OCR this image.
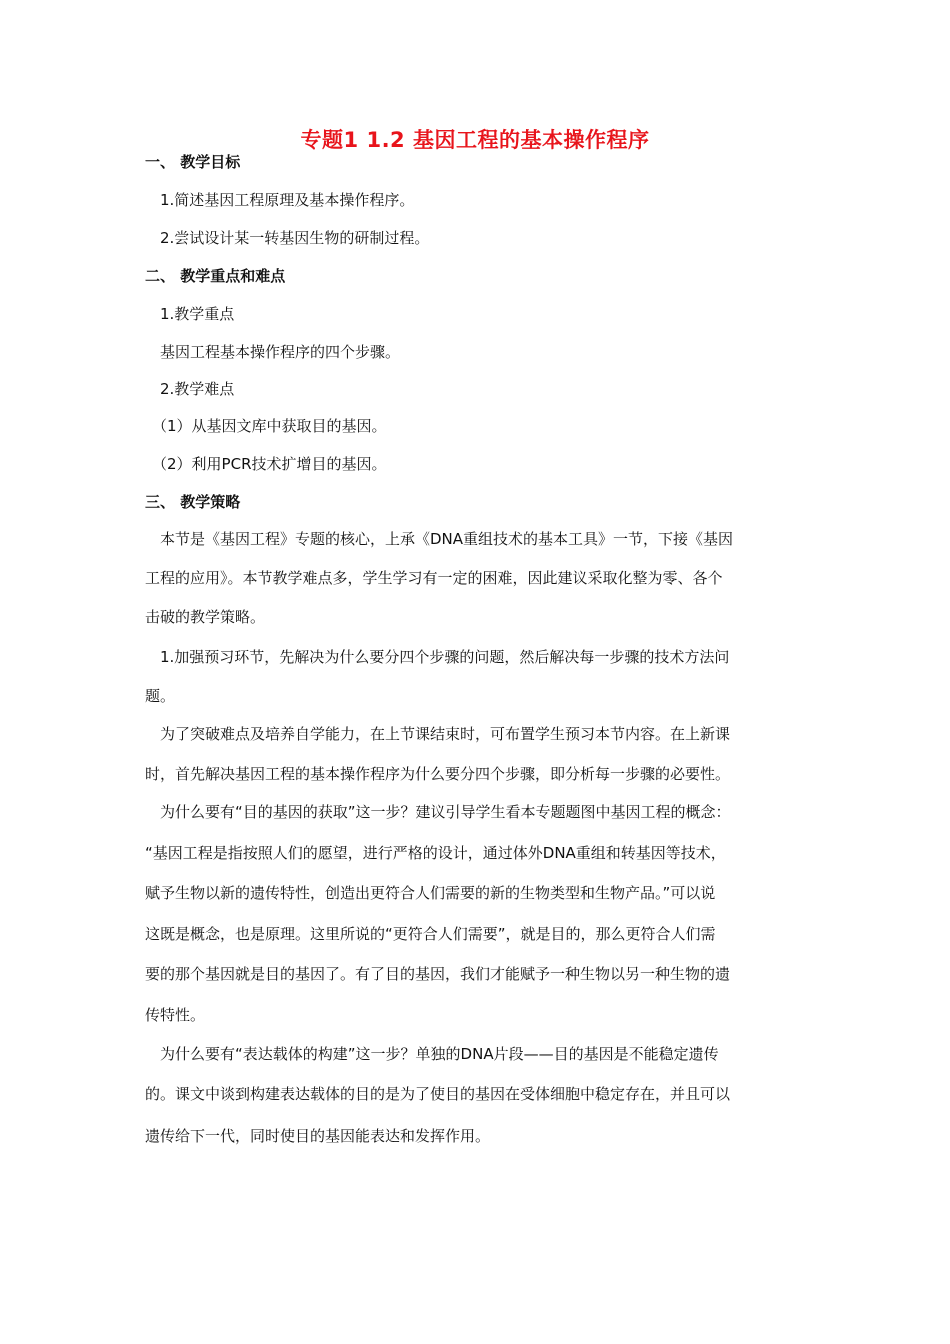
专题1 1.2 基因工程的基本操作程序
一、 教学目标
1.简述基因工程原理及基本操作程序。
2.尝试设计某一转基因生物的研制过程。
二、 教学重点和难点
1.教学重点
基因工程基本操作程序的四个步骤。
2.教学难点
（1）从基因文库中获取目的基因。
（2）利用PCR技术扩增目的基因。
三、 教学策略
本节是《基因工程》专题的核心，上承《DNA重组技术的基本工具》一节，下接《基因
工程的应用》。本节教学难点多，学生学习有一定的困难，因此建议采取化整为零、各个
击破的教学策略。
1.加强预习环节，先解决为什么要分四个步骤的问题，然后解决每一步骤的技术方法问
题。
为了突破难点及培养自学能力，在上节课结束时，可布置学生预习本节内容。在上新课
时，首先解决基因工程的基本操作程序为什么要分四个步骤，即分析每一步骤的必要性。
为什么要有“目的基因的获取”这一步？建议引导学生看本专题题图中基因工程的概念：
“基因工程是指按照人们的愿望，进行严格的设计，通过体外DNA重组和转基因等技术，
赋予生物以新的遗传特性，创造出更符合人们需要的新的生物类型和生物产品。”可以说
这既是概念，也是原理。这里所说的“更符合人们需要”，就是目的，那么更符合人们需
要的那个基因就是目的基因了。有了目的基因，我们才能赋予一种生物以另一种生物的遗
传特性。
为什么要有“表达载体的构建”这一步？单独的DNA片段——目的基因是不能稳定遗传
的。课文中谈到构建表达载体的目的是为了使目的基因在受体细胞中稳定存在，并且可以
遗传给下一代，同时使目的基因能表达和发挥作用。
